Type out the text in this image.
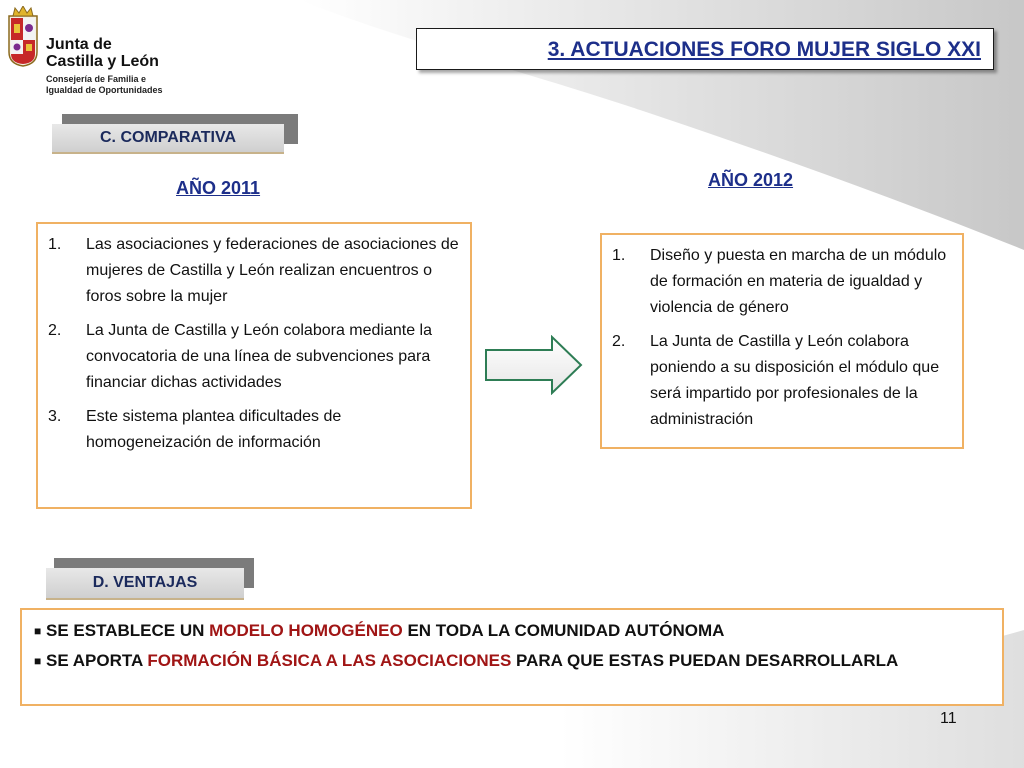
Junta de
Castilla y León
Consejería de Familia e
Igualdad de Oportunidades
3. ACTUACIONES FORO MUJER SIGLO XXI
C. COMPARATIVA
AÑO 2011	AÑO 2012
1. Las asociaciones y federaciones de asociaciones de mujeres de Castilla y León realizan encuentros o foros sobre la mujer
2. La Junta de Castilla y León colabora mediante la convocatoria de una línea de subvenciones para financiar dichas actividades
3. Este sistema plantea dificultades de homogeneización de información
1. Diseño y puesta en marcha de un módulo de formación en materia de igualdad y violencia de género
2. La Junta de Castilla y León colabora poniendo a su disposición el módulo que será impartido por profesionales de la administración
D. VENTAJAS
■ SE ESTABLECE UN MODELO HOMOGÉNEO EN TODA LA COMUNIDAD AUTÓNOMA
■ SE APORTA FORMACIÓN BÁSICA A LAS ASOCIACIONES PARA QUE ESTAS PUEDAN DESARROLLARLA
11
